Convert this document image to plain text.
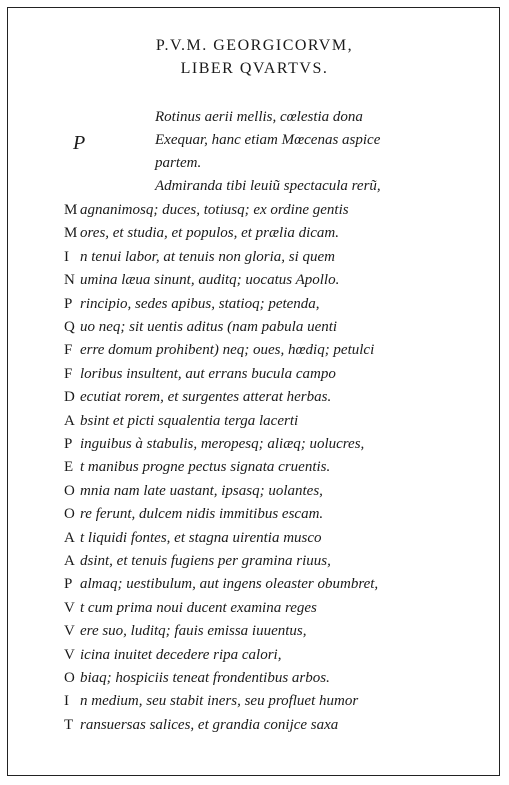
P.V.M. GEORGICORVM,
LIBER QVARTVS.
P
Rotinus aerii mellis, cœlestia dona
Exequar, hanc etiam Mœcenas aspice
partem.
Admiranda tibi leuiũ spectacula rerũ,
M agnanimosq; duces, totiusq; ex ordine gentis
M ores, et studia, et populos, et prælia dicam.
I n tenui labor, at tenuis non gloria, si quem
N umina læua sinunt, auditq; uocatus Apollo.
P rincipio, sedes apibus, statioq; petenda,
Q uo neq; sit uentis aditus (nam pabula uenti
F erre domum prohibent) neq; oues, hœdiq; petulci
F loribus insultent, aut errans bucula campo
D ecutiat rorem, et surgentes atterat herbas.
A bsint et picti squalentia terga lacerti
P inguibus à stabulis, meropesq; aliæq; uolucres,
E t manibus progne pectus signata cruentis.
O mnia nam late uastant, ipsasq; uolantes,
O re ferunt, dulcem nidis immitibus escam.
A t liquidi fontes, et stagna uirentia musco
A dsint, et tenuis fugiens per gramina riuus,
P almaq; uestibulum, aut ingens oleaster obumbret,
V t cum prima noui ducent examina reges
V ere suo, luditq; fauis emissa iuuentus,
V icina inuitet decedere ripa calori,
O biaq; hospiciis teneat frondentibus arbos.
I n medium, seu stabit iners, seu profluet humor
T ransuersas salices, et grandia conijce saxa
